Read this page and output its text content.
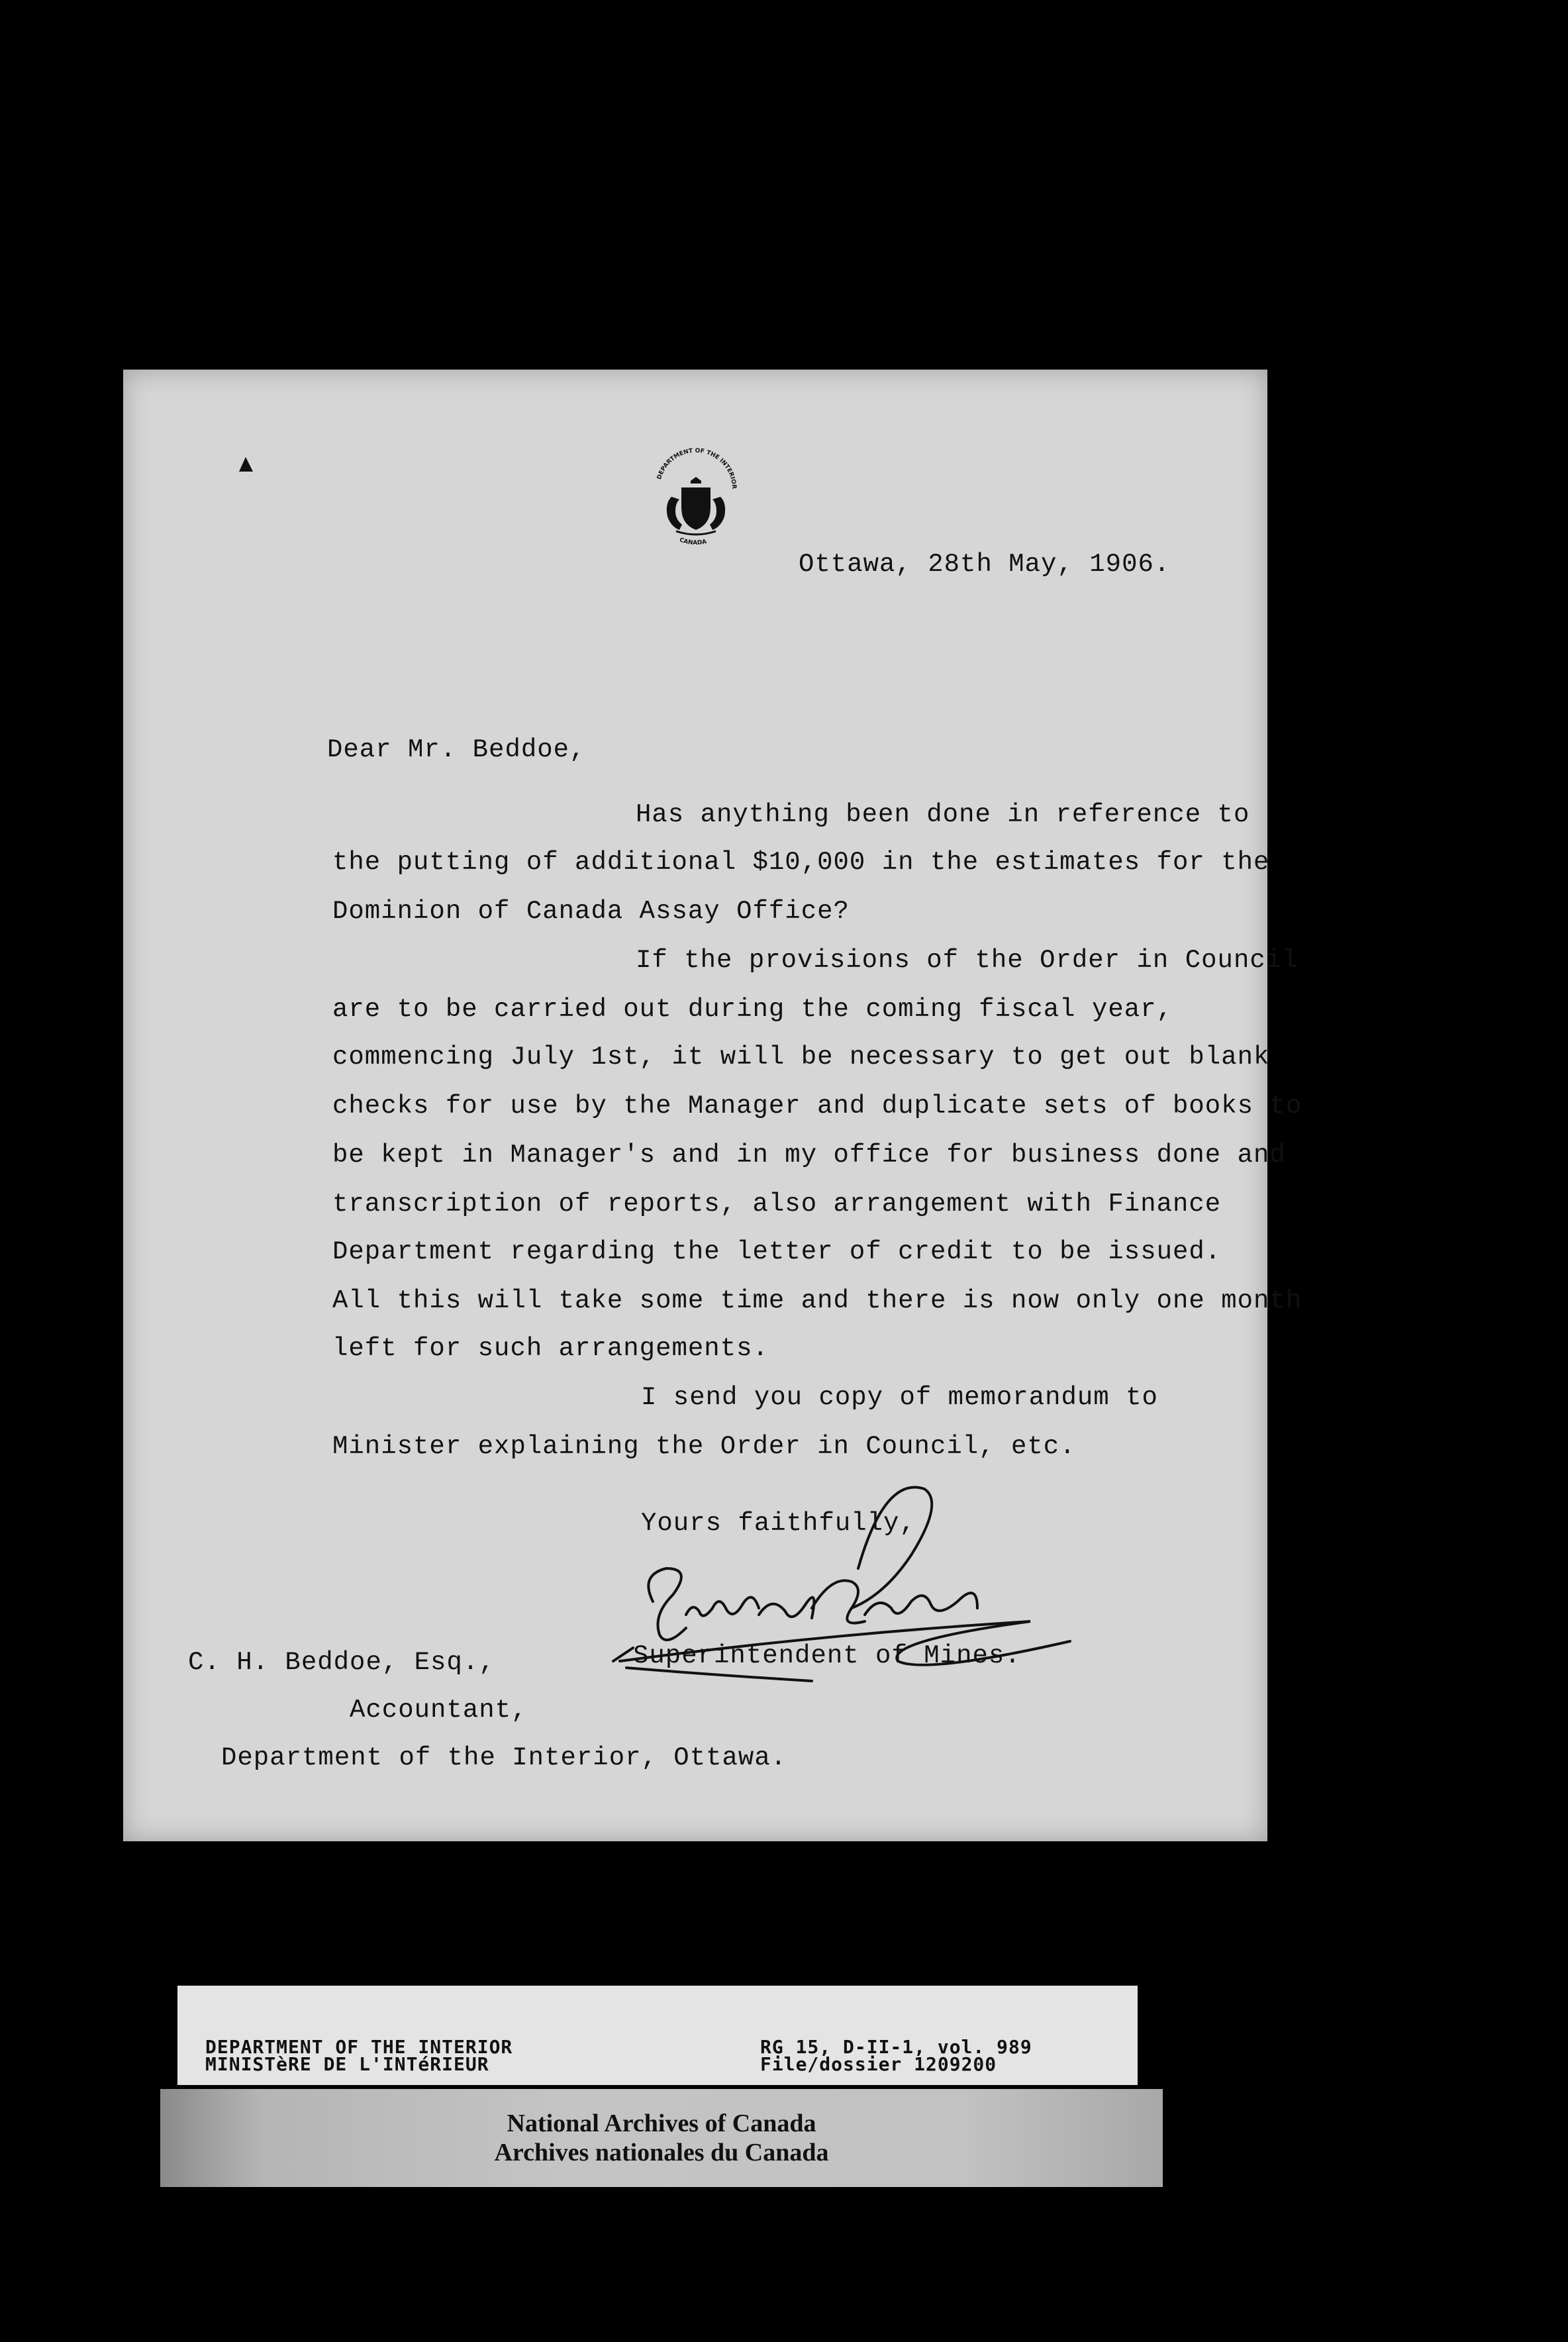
DEPARTMENT OF THE INTERIOR
CANADA
Ottawa, 28th May, 1906.
Dear Mr. Beddoe,
Has anything been done in reference to
the putting of additional $10,000 in the estimates for the
Dominion of Canada Assay Office?
If the provisions of the Order in Council
are to be carried out during the coming fiscal year,
commencing July 1st, it will be necessary to get out blank
checks for use by the Manager and duplicate sets of books to
be kept in Manager's and in my office for business done and
transcription of reports, also arrangement with Finance
Department regarding the letter of credit to be issued.
All this will take some time and there is now only one month
left for such arrangements.
I send you copy of memorandum to
Minister explaining the Order in Council, etc.
Yours faithfully,
Superintendent of Mines.
C. H. Beddoe, Esq.,
Accountant,
Department of the Interior, Ottawa.
DEPARTMENT OF THE INTERIOR
MINISTèRE DE L'INTéRIEUR
RG 15, D-II-1, vol. 989
File/dossier 1209200
National Archives of Canada
Archives nationales du Canada
